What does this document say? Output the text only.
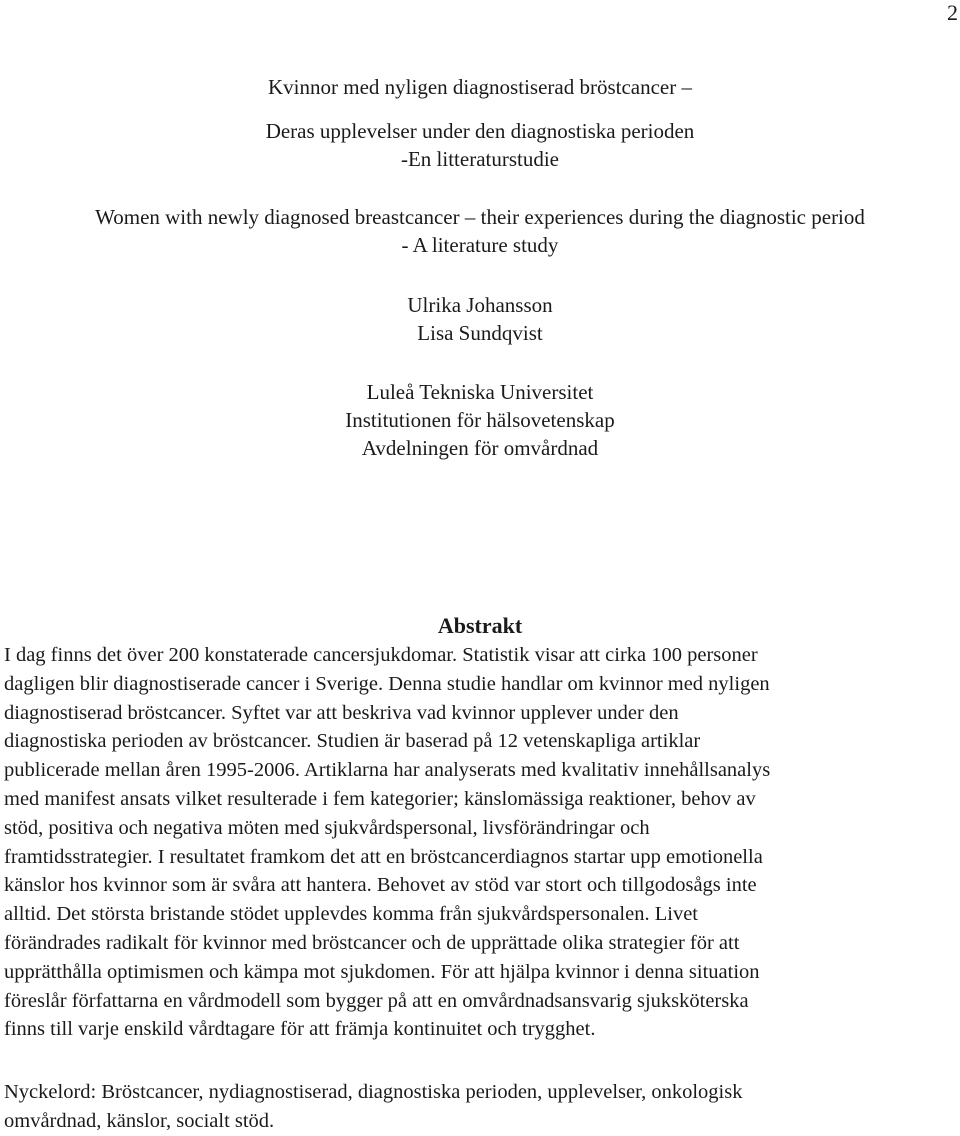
2
Kvinnor med nyligen diagnostiserad bröstcancer –
Deras upplevelser under den diagnostiska perioden
-En litteraturstudie
Women with newly diagnosed breastcancer – their experiences during the diagnostic period
- A literature study
Ulrika Johansson
Lisa Sundqvist
Luleå Tekniska Universitet
Institutionen för hälsovetenskap
Avdelningen för omvårdnad
Abstrakt
I dag finns det över 200 konstaterade cancersjukdomar. Statistik visar att cirka 100 personer
dagligen blir diagnostiserade cancer i Sverige. Denna studie handlar om kvinnor med nyligen
diagnostiserad bröstcancer. Syftet var att beskriva vad kvinnor upplever under den
diagnostiska perioden av bröstcancer. Studien är baserad på 12 vetenskapliga artiklar
publicerade mellan åren 1995-2006. Artiklarna har analyserats med kvalitativ innehållsanalys
med manifest ansats vilket resulterade i fem kategorier; känslomässiga reaktioner, behov av
stöd, positiva och negativa möten med sjukvårdspersonal, livsförändringar och
framtidsstrategier. I resultatet framkom det att en bröstcancerdiagnos startar upp emotionella
känslor hos kvinnor som är svåra att hantera. Behovet av stöd var stort och tillgodosågs inte
alltid. Det största bristande stödet upplevdes komma från sjukvårdspersonalen. Livet
förändrades radikalt för kvinnor med bröstcancer och de upprättade olika strategier för att
upprätthålla optimismen och kämpa mot sjukdomen. För att hjälpa kvinnor i denna situation
föreslår författarna en vårdmodell som bygger på att en omvårdnadsansvarig sjuksköterska
finns till varje enskild vårdtagare för att främja kontinuitet och trygghet.
Nyckelord: Bröstcancer, nydiagnostiserad, diagnostiska perioden, upplevelser, onkologisk
omvårdnad, känslor, socialt stöd.
